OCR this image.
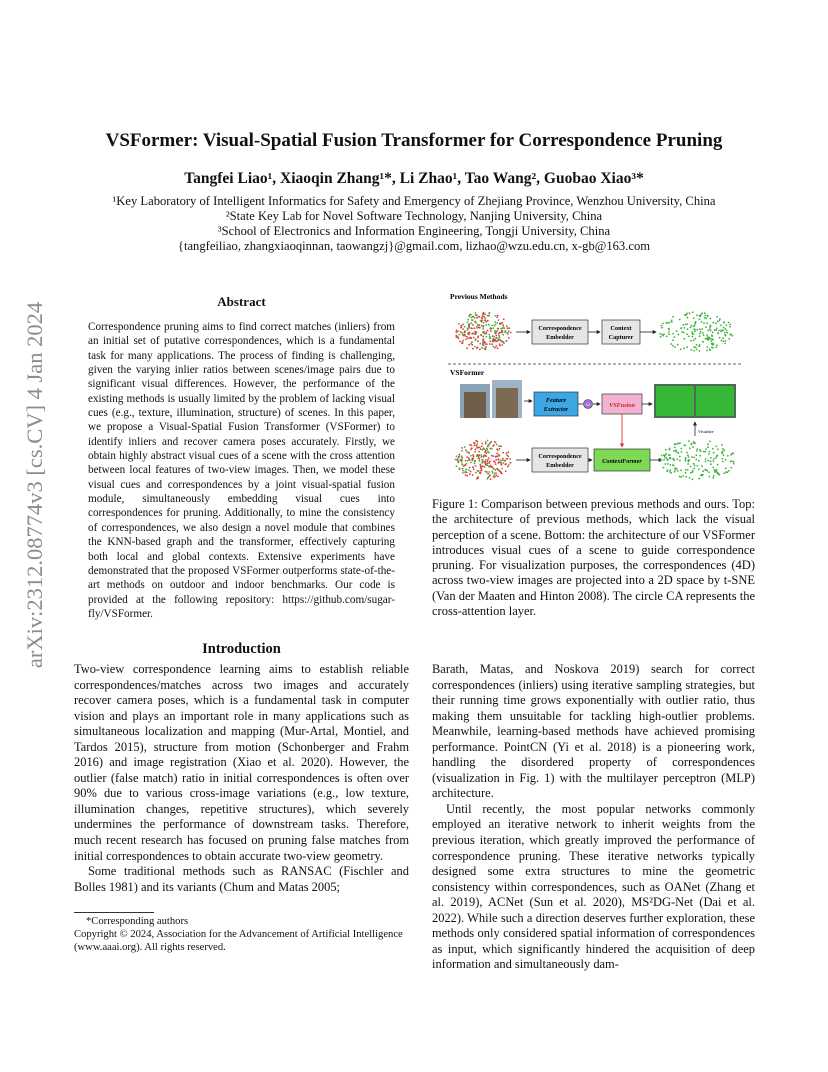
VSFormer: Visual-Spatial Fusion Transformer for Correspondence Pruning
Tangfei Liao¹, Xiaoqin Zhang¹*, Li Zhao¹, Tao Wang², Guobao Xiao³*
¹Key Laboratory of Intelligent Informatics for Safety and Emergency of Zhejiang Province, Wenzhou University, China
²State Key Lab for Novel Software Technology, Nanjing University, China
³School of Electronics and Information Engineering, Tongji University, China
{tangfeiliao, zhangxiaoqinnan, taowangzj}@gmail.com, lizhao@wzu.edu.cn, x-gb@163.com
arXiv:2312.08774v3 [cs.CV] 4 Jan 2024
Abstract
Correspondence pruning aims to find correct matches (inliers) from an initial set of putative correspondences, which is a fundamental task for many applications. The process of finding is challenging, given the varying inlier ratios between scenes/image pairs due to significant visual differences. However, the performance of the existing methods is usually limited by the problem of lacking visual cues (e.g., texture, illumination, structure) of scenes. In this paper, we propose a Visual-Spatial Fusion Transformer (VSFormer) to identify inliers and recover camera poses accurately. Firstly, we obtain highly abstract visual cues of a scene with the cross attention between local features of two-view images. Then, we model these visual cues and correspondences by a joint visual-spatial fusion module, simultaneously embedding visual cues into correspondences for pruning. Additionally, to mine the consistency of correspondences, we also design a novel module that combines the KNN-based graph and the transformer, effectively capturing both local and global contexts. Extensive experiments have demonstrated that the proposed VSFormer outperforms state-of-the-art methods on outdoor and indoor benchmarks. Our code is provided at the following repository: https://github.com/sugar-fly/VSFormer.
Introduction

Two-view correspondence learning aims to establish reliable correspondences/matches across two images and accurately recover camera poses, which is a fundamental task in computer vision and plays an important role in many applications such as simultaneous localization and mapping (Mur-Artal, Montiel, and Tardos 2015), structure from motion (Schonberger and Frahm 2016) and image registration (Xiao et al. 2020). However, the outlier (false match) ratio in initial correspondences is often over 90% due to various cross-image variations (e.g., low texture, illumination changes, repetitive structures), which severely undermines the performance of downstream tasks. Therefore, much recent research has focused on pruning false matches from initial correspondences to obtain accurate two-view geometry.

Some traditional methods such as RANSAC (Fischler and Bolles 1981) and its variants (Chum and Matas 2005;

Barath, Matas, and Noskova 2019) search for correct correspondences (inliers) using iterative sampling strategies, but their running time grows exponentially with outlier ratio, thus making them unsuitable for tackling high-outlier problems. Meanwhile, learning-based methods have achieved promising performance. PointCN (Yi et al. 2018) is a pioneering work, handling the disordered property of correspondences (visualization in Fig. 1) with the multilayer perceptron (MLP) architecture.

Until recently, the most popular networks commonly employed an iterative network to inherit weights from the previous iteration, which greatly improved the performance of correspondence pruning. These iterative networks typically designed some extra structures to mine the geometric consistency within correspondences, such as OANet (Zhang et al. 2019), ACNet (Sun et al. 2020), MS²DG-Net (Dai et al. 2022). While such a direction deserves further exploration, these methods only considered spatial information of correspondences as input, which significantly hindered the acquisition of deep information and simultaneously dam-

*Corresponding authors
Copyright © 2024, Association for the Advancement of Artificial Intelligence (www.aaai.org). All rights reserved.
Previous Methods
Correspondence
Embedder
Context
Capturer
VSFormer
Feature
Extractor
CA	VSFusion
Visualize
Correspondence
Embedder
ContextFormer
Figure 1: Comparison between previous methods and ours. Top: the architecture of previous methods, which lack the visual perception of a scene. Bottom: the architecture of our VSFormer introduces visual cues of a scene to guide correspondence pruning. For visualization purposes, the correspondences (4D) across two-view images are projected into a 2D space by t-SNE (Van der Maaten and Hinton 2008). The circle CA represents the cross-attention layer.
